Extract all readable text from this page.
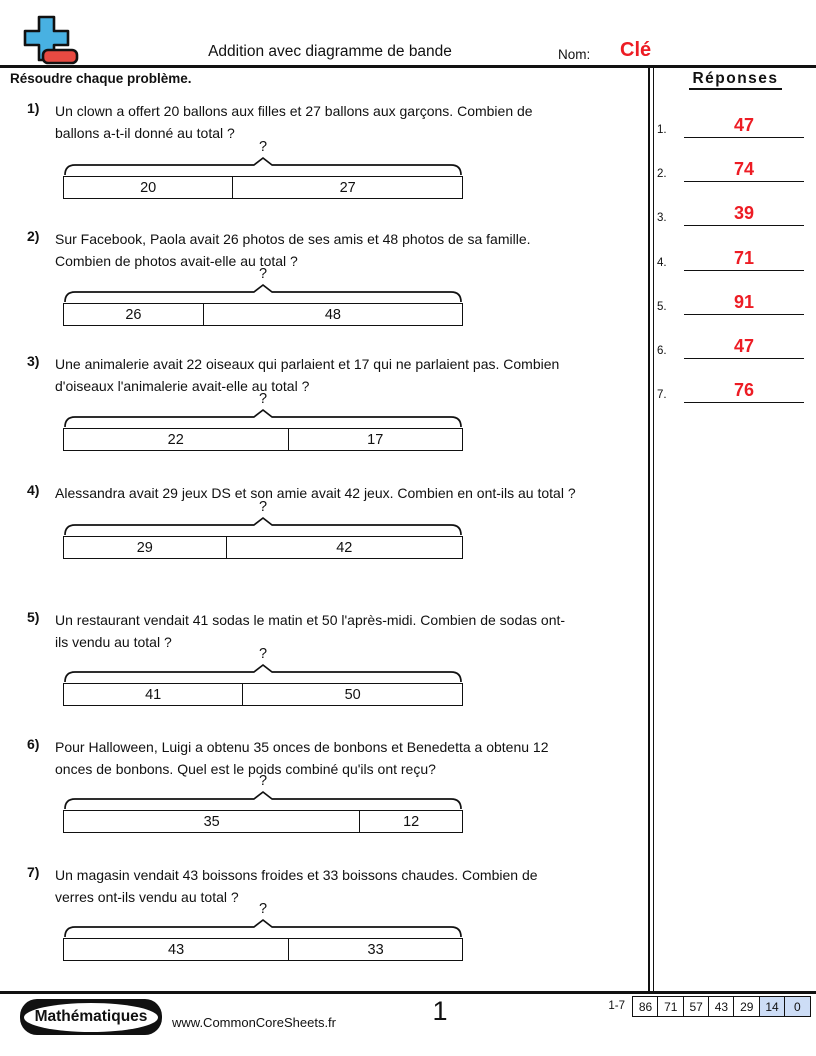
Addition avec diagramme de bande	Nom: Clé
Résoudre chaque problème.	Réponses
1.	47
2.	74
3.	39
4.	71
5.	91
6.	47
7.	76
1) Un clown a offert 20 ballons aux filles et 27 ballons aux garçons. Combien de
ballons a-t-il donné au total ?
?
20	27
2) Sur Facebook, Paola avait 26 photos de ses amis et 48 photos de sa famille.
Combien de photos avait-elle au total ?
?
26	48
3) Une animalerie avait 22 oiseaux qui parlaient et 17 qui ne parlaient pas. Combien
d'oiseaux l'animalerie avait-elle au total ?
?
22	17
4) Alessandra avait 29 jeux DS et son amie avait 42 jeux. Combien en ont-ils au total ?
?
29	42
5) Un restaurant vendait 41 sodas le matin et 50 l'après-midi. Combien de sodas ont-
ils vendu au total ?
?
41	50
6) Pour Halloween, Luigi a obtenu 35 onces de bonbons et Benedetta a obtenu 12
onces de bonbons. Quel est le poids combiné qu'ils ont reçu?
?
35	12
7) Un magasin vendait 43 boissons froides et 33 boissons chaudes. Combien de
verres ont-ils vendu au total ?
?
43	33
Mathématiques	www.CommonCoreSheets.fr	1	1-7	86 71 57 43 29 14	0
